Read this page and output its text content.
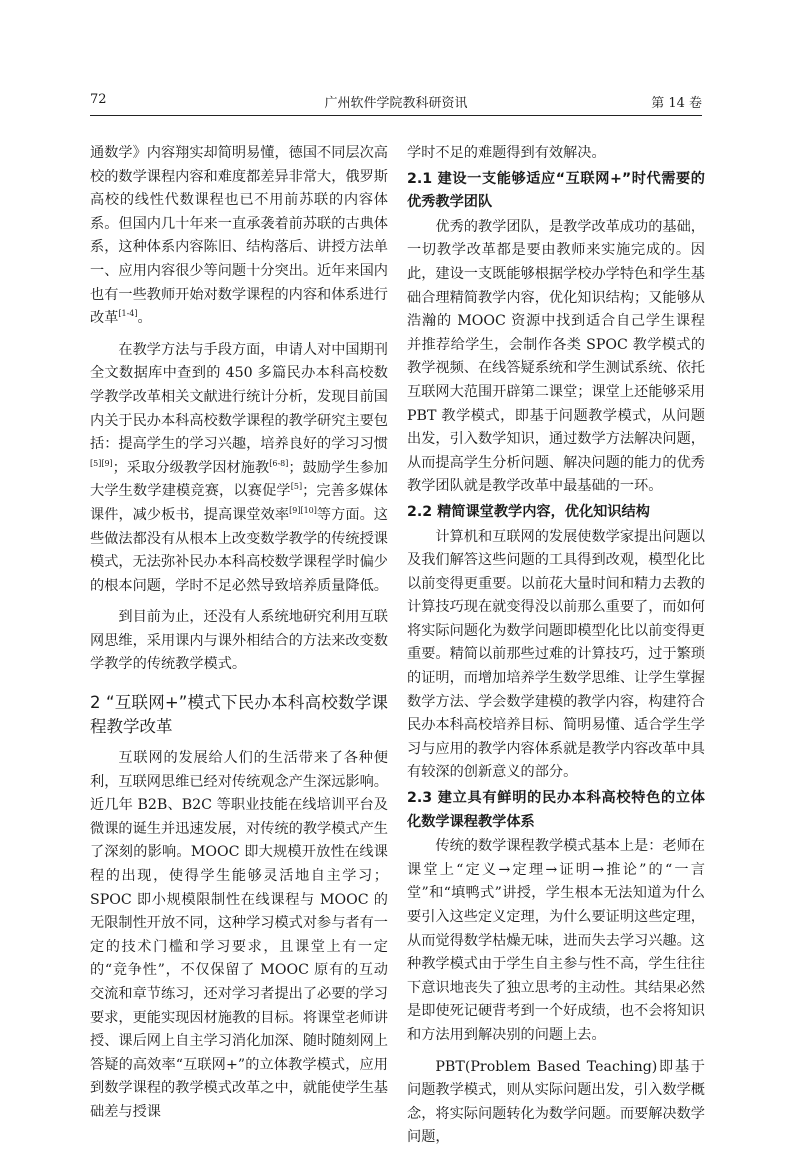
72	广州软件学院教科研资讯	第 14 卷

通数学》内容翔实却简明易懂，德国不同层次高校的数学课程内容和难度都差异非常大，俄罗斯高校的线性代数课程也已不用前苏联的内容体系。但国内几十年来一直承袭着前苏联的古典体系，这种体系内容陈旧、结构落后、讲授方法单一、应用内容很少等问题十分突出。近年来国内也有一些教师开始对数学课程的内容和体系进行改革[1-4]。

在教学方法与手段方面，申请人对中国期刊全文数据库中查到的 450 多篇民办本科高校数学教学改革相关文献进行统计分析，发现目前国内关于民办本科高校数学课程的教学研究主要包括：提高学生的学习兴趣，培养良好的学习习惯[5][9]；采取分级教学因材施教[6-8]；鼓励学生参加大学生数学建模竞赛，以赛促学[5]；完善多媒体课件，减少板书，提高课堂效率[9][10]等方面。这些做法都没有从根本上改变数学教学的传统授课模式，无法弥补民办本科高校数学课程学时偏少的根本问题，学时不足必然导致培养质量降低。

到目前为止，还没有人系统地研究利用互联网思维，采用课内与课外相结合的方法来改变数学教学的传统教学模式。

2 “互联网+”模式下民办本科高校数学课程教学改革

互联网的发展给人们的生活带来了各种便利，互联网思维已经对传统观念产生深远影响。近几年 B2B、B2C 等职业技能在线培训平台及微课的诞生并迅速发展，对传统的教学模式产生了深刻的影响。MOOC 即大规模开放性在线课程的出现，使得学生能够灵活地自主学习；SPOC 即小规模限制性在线课程与 MOOC 的无限制性开放不同，这种学习模式对参与者有一定的技术门槛和学习要求，且课堂上有一定的“竞争性”，不仅保留了 MOOC 原有的互动交流和章节练习，还对学习者提出了必要的学习要求，更能实现因材施教的目标。将课堂老师讲授、课后网上自主学习消化加深、随时随刻网上答疑的高效率“互联网+”的立体教学模式，应用到数学课程的教学模式改革之中，就能使学生基础差与授课

学时不足的难题得到有效解决。

2.1 建设一支能够适应“互联网+”时代需要的优秀教学团队

优秀的教学团队，是教学改革成功的基础，一切教学改革都是要由教师来实施完成的。因此，建设一支既能够根据学校办学特色和学生基础合理精简教学内容，优化知识结构；又能够从浩瀚的 MOOC 资源中找到适合自己学生课程并推荐给学生，会制作各类 SPOC 教学模式的教学视频、在线答疑系统和学生测试系统、依托互联网大范围开辟第二课堂；课堂上还能够采用 PBT 教学模式，即基于问题教学模式，从问题出发，引入数学知识，通过数学方法解决问题，从而提高学生分析问题、解决问题的能力的优秀教学团队就是教学改革中最基础的一环。

2.2 精简课堂教学内容，优化知识结构

计算机和互联网的发展使数学家提出问题以及我们解答这些问题的工具得到改观，模型化比以前变得更重要。以前花大量时间和精力去教的计算技巧现在就变得没以前那么重要了，而如何将实际问题化为数学问题即模型化比以前变得更重要。精简以前那些过难的计算技巧，过于繁琐的证明，而增加培养学生数学思维、让学生掌握数学方法、学会数学建模的教学内容，构建符合民办本科高校培养目标、简明易懂、适合学生学习与应用的教学内容体系就是教学内容改革中具有较深的创新意义的部分。

2.3 建立具有鲜明的民办本科高校特色的立体化数学课程教学体系

传统的数学课程教学模式基本上是：老师在课堂上“定义→定理→证明→推论”的“一言堂”和“填鸭式”讲授，学生根本无法知道为什么要引入这些定义定理，为什么要证明这些定理，从而觉得数学枯燥无味，进而失去学习兴趣。这种教学模式由于学生自主参与性不高，学生往往下意识地丧失了独立思考的主动性。其结果必然是即使死记硬背考到一个好成绩，也不会将知识和方法用到解决别的问题上去。

PBT(Problem Based Teaching)即基于问题教学模式，则从实际问题出发，引入数学概念，将实际问题转化为数学问题。而要解决数学问题，
